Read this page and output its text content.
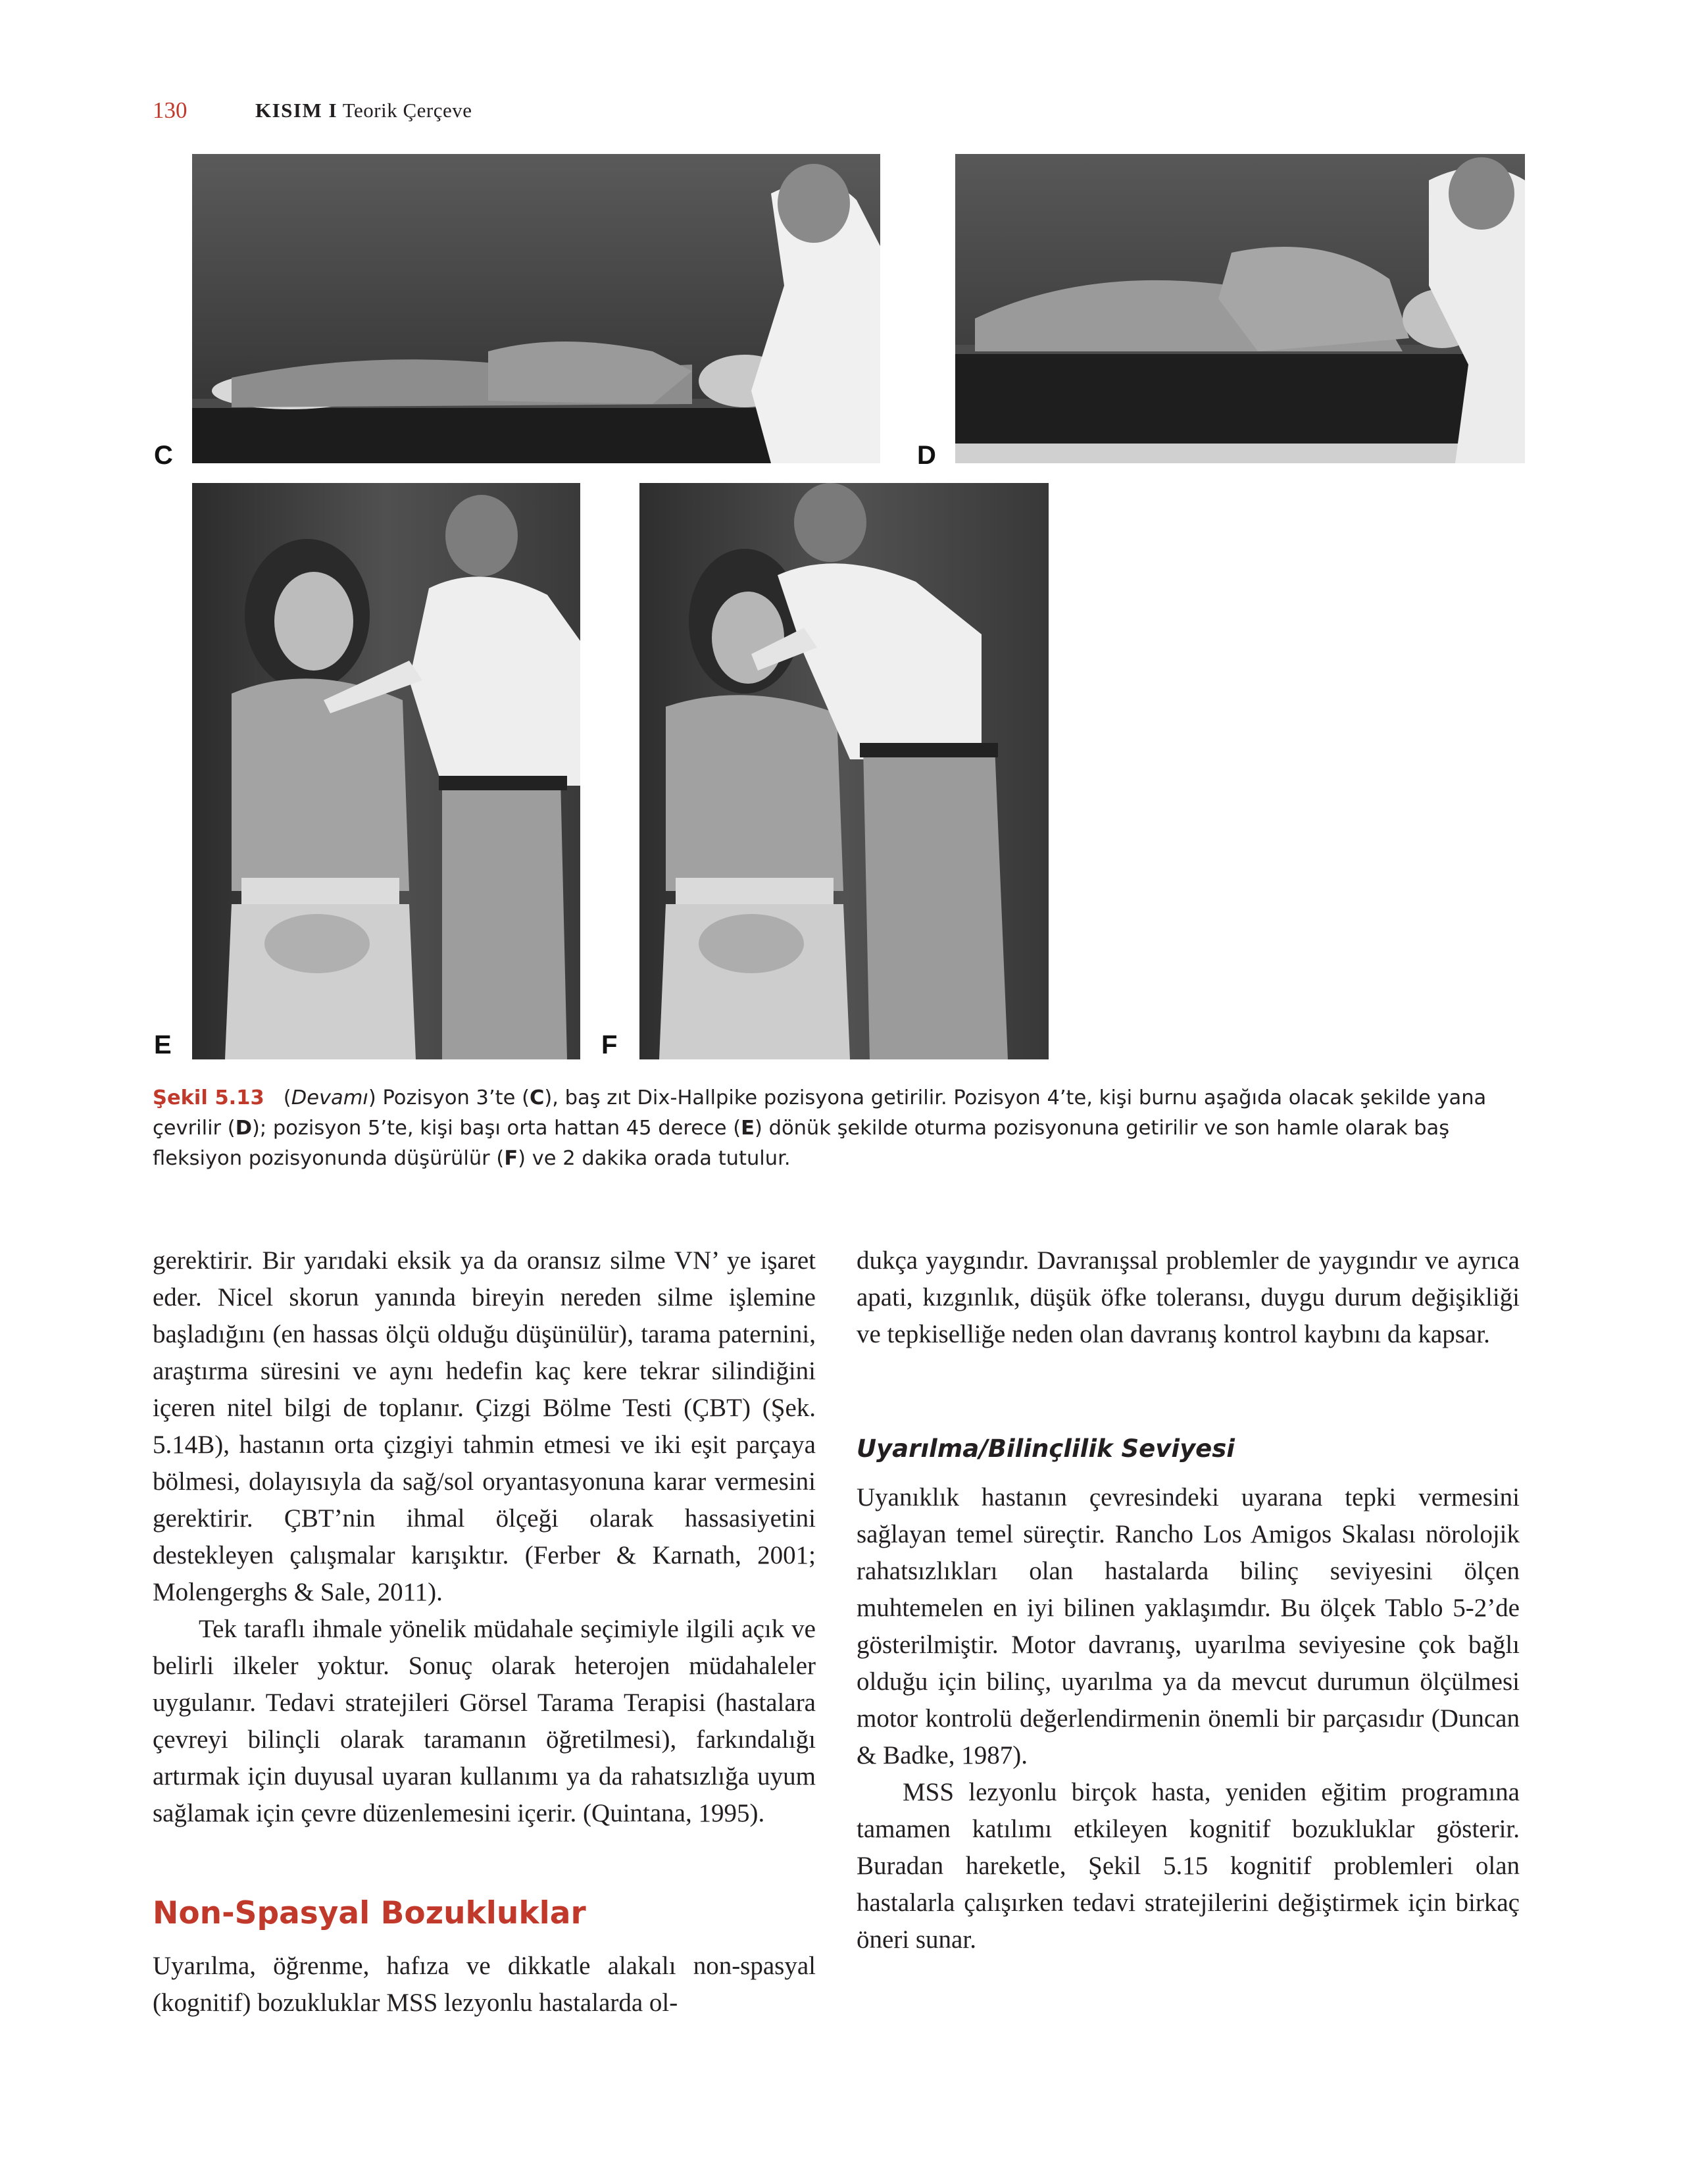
130	KISIM I Teorik Çerçeve
C	D
E	F
Şekil 5.13   (Devamı) Pozisyon 3’te (C), baş zıt Dix-Hallpike pozisyona getirilir. Pozisyon 4’te, kişi burnu aşağıda olacak şekilde yana çevrilir (D); pozisyon 5’te, kişi başı orta hattan 45 derece (E) dönük şekilde oturma pozisyonuna getirilir ve son hamle olarak baş fleksiyon pozisyonunda düşürülür (F) ve 2 dakika orada tutulur.

gerektirir. Bir yarıdaki eksik ya da oransız silme VN’ ye işaret eder. Nicel skorun yanında bireyin nereden silme işlemine başladığını (en hassas ölçü olduğu düşünülür), tarama paternini, araştırma süresini ve aynı hedefin kaç kere tekrar silindiğini içeren nitel bilgi de toplanır. Çizgi Bölme Testi (ÇBT) (Şek. 5.14B), hastanın orta çizgiyi tahmin etmesi ve iki eşit parçaya bölmesi, dolayısıyla da sağ/sol oryantasyonuna karar vermesini gerektirir. ÇBT’nin ihmal ölçeği olarak hassasiyetini destekleyen çalışmalar karışıktır. (Ferber & Karnath, 2001; Molengerghs & Sale, 2011).

Tek taraflı ihmale yönelik müdahale seçimiyle ilgili açık ve belirli ilkeler yoktur. Sonuç olarak heterojen müdahaleler uygulanır. Tedavi stratejileri Görsel Tarama Terapisi (hastalara çevreyi bilinçli olarak taramanın öğretilmesi), farkındalığı artırmak için duyusal uyaran kullanımı ya da rahatsızlığa uyum sağlamak için çevre düzenlemesini içerir. (Quintana, 1995).

Non-Spasyal Bozukluklar

Uyarılma, öğrenme, hafıza ve dikkatle alakalı non-spasyal (kognitif) bozukluklar MSS lezyonlu hastalarda ol-

dukça yaygındır. Davranışsal problemler de yaygındır ve ayrıca apati, kızgınlık, düşük öfke toleransı, duygu durum değişikliği ve tepkiselliğe neden olan davranış kontrol kaybını da kapsar.

Uyarılma/Bilinçlilik Seviyesi

Uyanıklık hastanın çevresindeki uyarana tepki vermesini sağlayan temel süreçtir. Rancho Los Amigos Skalası nörolojik rahatsızlıkları olan hastalarda bilinç seviyesini ölçen muhtemelen en iyi bilinen yaklaşımdır. Bu ölçek Tablo 5-2’de gösterilmiştir. Motor davranış, uyarılma seviyesine çok bağlı olduğu için bilinç, uyarılma ya da mevcut durumun ölçülmesi motor kontrolü değerlendirmenin önemli bir parçasıdır (Duncan & Badke, 1987).

MSS lezyonlu birçok hasta, yeniden eğitim programına tamamen katılımı etkileyen kognitif bozukluklar gösterir. Buradan hareketle, Şekil 5.15 kognitif problemleri olan hastalarla çalışırken tedavi stratejilerini değiştirmek için birkaç öneri sunar.
